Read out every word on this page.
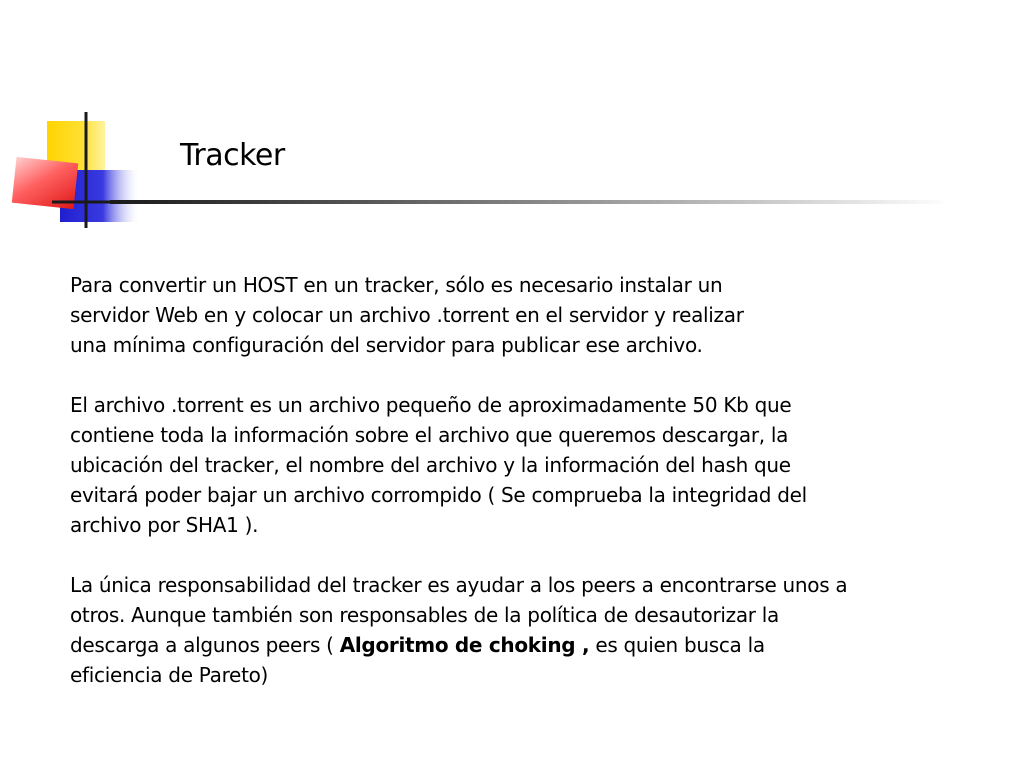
Tracker

Para convertir un HOST en un tracker, sólo es necesario instalar un
servidor Web en y colocar un archivo .torrent en el servidor y realizar
una mínima configuración del servidor para publicar ese archivo.

El archivo .torrent es un archivo pequeño de aproximadamente 50 Kb que
contiene toda la información sobre el archivo que queremos descargar, la
ubicación del tracker, el nombre del archivo y la información del hash que
evitará poder bajar un archivo corrompido ( Se comprueba la integridad del
archivo por SHA1 ).

La única responsabilidad del tracker es ayudar a los peers a encontrarse unos a
otros. Aunque también son responsables de la política de desautorizar la
descarga a algunos peers ( Algoritmo de choking , es quien busca la
eficiencia de Pareto)
